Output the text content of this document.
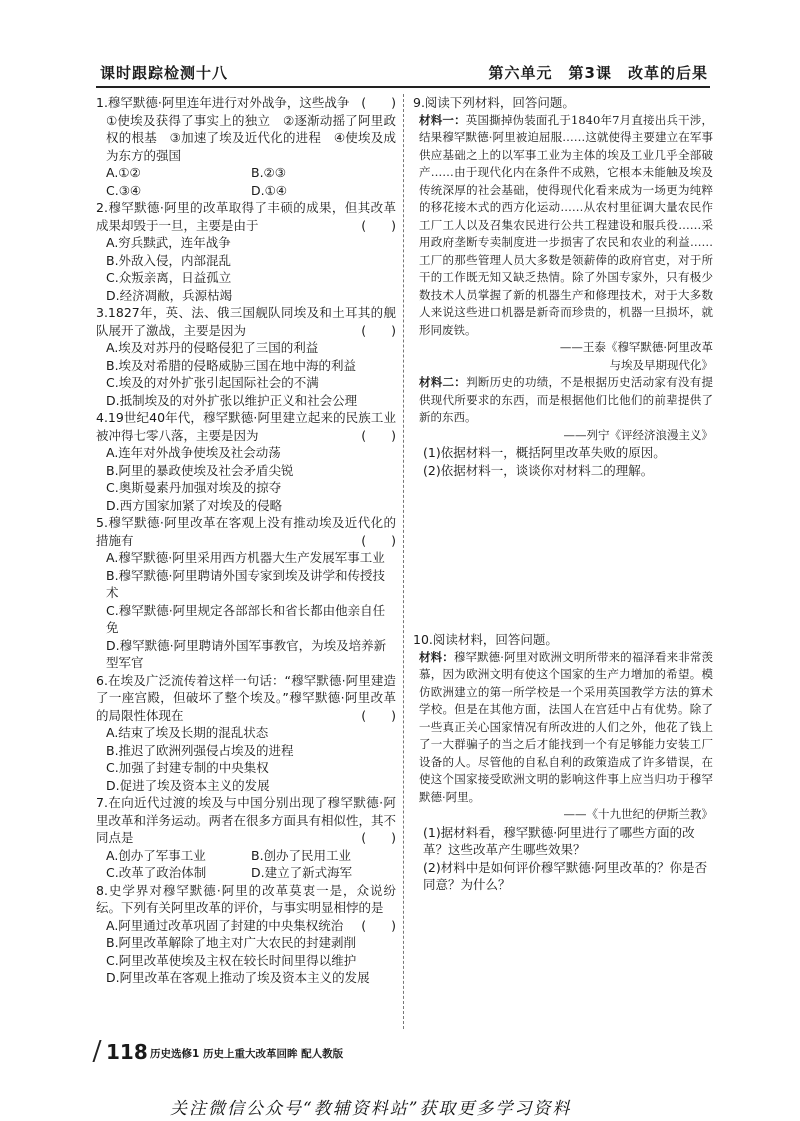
课时跟踪检测十八	第六单元　第3课　改革的后果
(　　)
1.穆罕默德·阿里连年进行对外战争，这些战争
①使埃及获得了事实上的独立　②逐渐动摇了阿里政权的根基　③加速了埃及近代化的进程　④使埃及成为东方的强国
A.①②	B.②③
C.③④	D.①④
2.穆罕默德·阿里的改革取得了丰硕的成果，但其改革成果却毁于一旦，主要是由于	(　　)
A.穷兵黩武，连年战争
B.外敌入侵，内部混乱
C.众叛亲离，日益孤立
D.经济凋敝，兵源枯竭
3.1827年，英、法、俄三国舰队同埃及和土耳其的舰队展开了激战，主要是因为	(　　)
A.埃及对苏丹的侵略侵犯了三国的利益
B.埃及对希腊的侵略威胁三国在地中海的利益
C.埃及的对外扩张引起国际社会的不满
D.抵制埃及的对外扩张以维护正义和社会公理
4.19世纪40年代，穆罕默德·阿里建立起来的民族工业被冲得七零八落，主要是因为	(　　)
A.连年对外战争使埃及社会动荡
B.阿里的暴政使埃及社会矛盾尖锐
C.奥斯曼素丹加强对埃及的掠夺
D.西方国家加紧了对埃及的侵略
5.穆罕默德·阿里改革在客观上没有推动埃及近代化的措施有	(　　)
A.穆罕默德·阿里采用西方机器大生产发展军事工业
B.穆罕默德·阿里聘请外国专家到埃及讲学和传授技术
C.穆罕默德·阿里规定各部部长和省长都由他亲自任免
D.穆罕默德·阿里聘请外国军事教官，为埃及培养新型军官
6.在埃及广泛流传着这样一句话：“穆罕默德·阿里建造了一座宫殿，但破坏了整个埃及。”穆罕默德·阿里改革的局限性体现在	(　　)
A.结束了埃及长期的混乱状态
B.推迟了欧洲列强侵占埃及的进程
C.加强了封建专制的中央集权
D.促进了埃及资本主义的发展
7.在向近代过渡的埃及与中国分别出现了穆罕默德·阿里改革和洋务运动。两者在很多方面具有相似性，其不同点是	(　　)
A.创办了军事工业	B.创办了民用工业
C.改革了政治体制	D.建立了新式海军
8.史学界对穆罕默德·阿里的改革莫衷一是，众说纷纭。下列有关阿里改革的评价，与事实明显相悖的是
(　　)
A.阿里通过改革巩固了封建的中央集权统治
B.阿里改革解除了地主对广大农民的封建剥削
C.阿里改革使埃及主权在较长时间里得以维护
D.阿里改革在客观上推动了埃及资本主义的发展
9.阅读下列材料，回答问题。
材料一：英国撕掉伪装面孔于1840年7月直接出兵干涉，结果穆罕默德·阿里被迫屈服……这就使得主要建立在军事供应基础之上的以军事工业为主体的埃及工业几乎全部破产……由于现代化内在条件不成熟，它根本未能触及埃及传统深厚的社会基础，使得现代化看来成为一场更为纯粹的移花接木式的西方化运动……从农村里征调大量农民作工厂工人以及召集农民进行公共工程建设和服兵役……采用政府垄断专卖制度进一步损害了农民和农业的利益……工厂的那些管理人员大多数是领薪俸的政府官吏，对于所干的工作既无知又缺乏热情。除了外国专家外，只有极少数技术人员掌握了新的机器生产和修理技术，对于大多数人来说这些进口机器是新奇而珍贵的，机器一旦损坏，就形同废铁。
——王泰《穆罕默德·阿里改革
与埃及早期现代化》
材料二：判断历史的功绩，不是根据历史活动家有没有提供现代所要求的东西，而是根据他们比他们的前辈提供了新的东西。
——列宁《评经济浪漫主义》
(1)依据材料一，概括阿里改革失败的原因。
(2)依据材料一，谈谈你对材料二的理解。
10.阅读材料，回答问题。
材料：穆罕默德·阿里对欧洲文明所带来的福泽看来非常羡慕，因为欧洲文明有使这个国家的生产力增加的希望。模仿欧洲建立的第一所学校是一个采用英国教学方法的算术学校。但是在其他方面，法国人在宫廷中占有优势。除了一些真正关心国家情况有所改进的人们之外，他花了钱上了一大群骗子的当之后才能找到一个有足够能力安装工厂设备的人。尽管他的自私自利的政策造成了许多错误，在使这个国家接受欧洲文明的影响这件事上应当归功于穆罕默德·阿里。
——《十九世纪的伊斯兰教》
(1)据材料看，穆罕默德·阿里进行了哪些方面的改革？这些改革产生哪些效果？
(2)材料中是如何评价穆罕默德·阿里改革的？你是否同意？为什么？
118 历史选修1 历史上重大改革回眸 配人教版
关注微信公众号“教辅资料站”获取更多学习资料
